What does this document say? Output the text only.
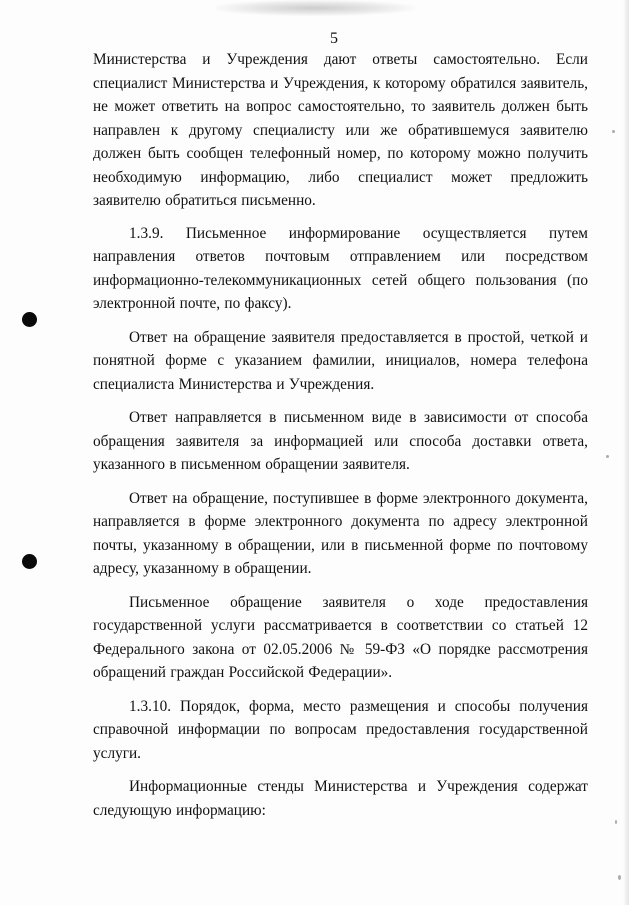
5

Министерства и Учреждения дают ответы самостоятельно. Если специалист Министерства и Учреждения, к которому обратился заявитель, не может ответить на вопрос самостоятельно, то заявитель должен быть направлен к другому специалисту или же обратившемуся заявителю должен быть сообщен телефонный номер, по которому можно получить необходимую информацию, либо специалист может предложить заявителю обратиться письменно.

1.3.9. Письменное информирование осуществляется путем направления ответов почтовым отправлением или посредством информационно-телекоммуникационных сетей общего пользования (по электронной почте, по факсу).

Ответ на обращение заявителя предоставляется в простой, четкой и понятной форме с указанием фамилии, инициалов, номера телефона специалиста Министерства и Учреждения.

Ответ направляется в письменном виде в зависимости от способа обращения заявителя за информацией или способа доставки ответа, указанного в письменном обращении заявителя.

Ответ на обращение, поступившее в форме электронного документа, направляется в форме электронного документа по адресу электронной почты, указанному в обращении, или в письменной форме по почтовому адресу, указанному в обращении.

Письменное обращение заявителя о ходе предоставления государственной услуги рассматривается в соответствии со статьей 12 Федерального закона от 02.05.2006 № 59-ФЗ «О порядке рассмотрения обращений граждан Российской Федерации».

1.3.10. Порядок, форма, место размещения и способы получения справочной информации по вопросам предоставления государственной услуги.

Информационные стенды Министерства и Учреждения содержат следующую информацию:
